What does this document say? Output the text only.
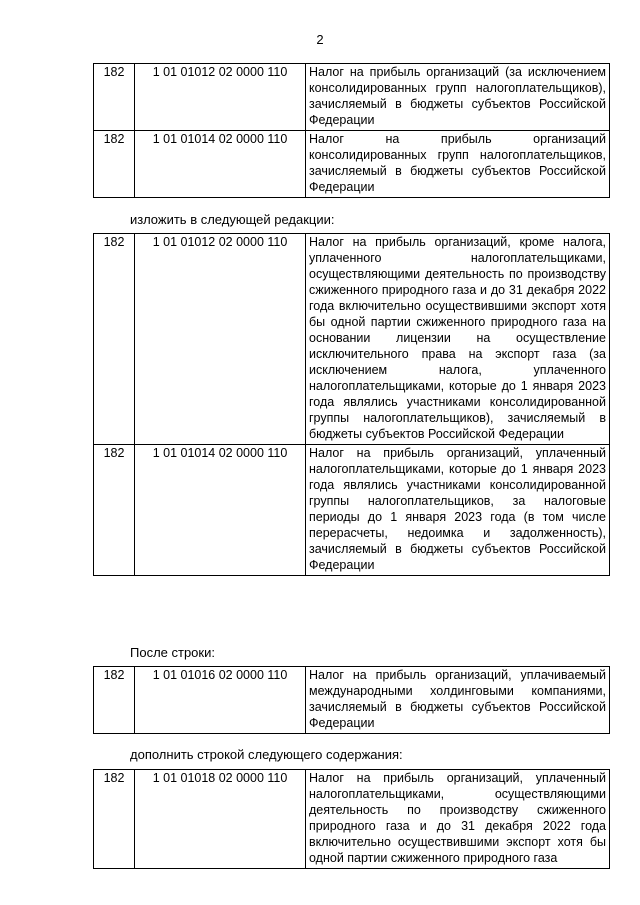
2
182	1 01 01012 02 0000 110	Налог на прибыль организаций (за исключением консолидированных групп налогоплательщиков), зачисляемый в бюджеты субъектов Российской Федерации
182	1 01 01014 02 0000 110	Налог на прибыль организаций консолидированных групп налогоплательщиков, зачисляемый в бюджеты субъектов Российской Федерации
изложить в следующей редакции:
182	1 01 01012 02 0000 110	Налог на прибыль организаций, кроме налога, уплаченного налогоплательщиками, осуществляющими деятельность по производству сжиженного природного газа и до 31 декабря 2022 года включительно осуществившими экспорт хотя бы одной партии сжиженного природного газа на основании лицензии на осуществление исключительного права на экспорт газа (за исключением налога, уплаченного налогоплательщиками, которые до 1 января 2023 года являлись участниками консолидированной группы налогоплательщиков), зачисляемый в бюджеты субъектов Российской Федерации
182	1 01 01014 02 0000 110	Налог на прибыль организаций, уплаченный налогоплательщиками, которые до 1 января 2023 года являлись участниками консолидированной группы налогоплательщиков, за налоговые периоды до 1 января 2023 года (в том числе перерасчеты, недоимка и задолженность), зачисляемый в бюджеты субъектов Российской Федерации
После строки:
182	1 01 01016 02 0000 110	Налог на прибыль организаций, уплачиваемый международными холдинговыми компаниями, зачисляемый в бюджеты субъектов Российской Федерации
дополнить строкой следующего содержания:
182	1 01 01018 02 0000 110	Налог на прибыль организаций, уплаченный налогоплательщиками, осуществляющими деятельность по производству сжиженного природного газа и до 31 декабря 2022 года включительно осуществившими экспорт хотя бы одной партии сжиженного природного газа
